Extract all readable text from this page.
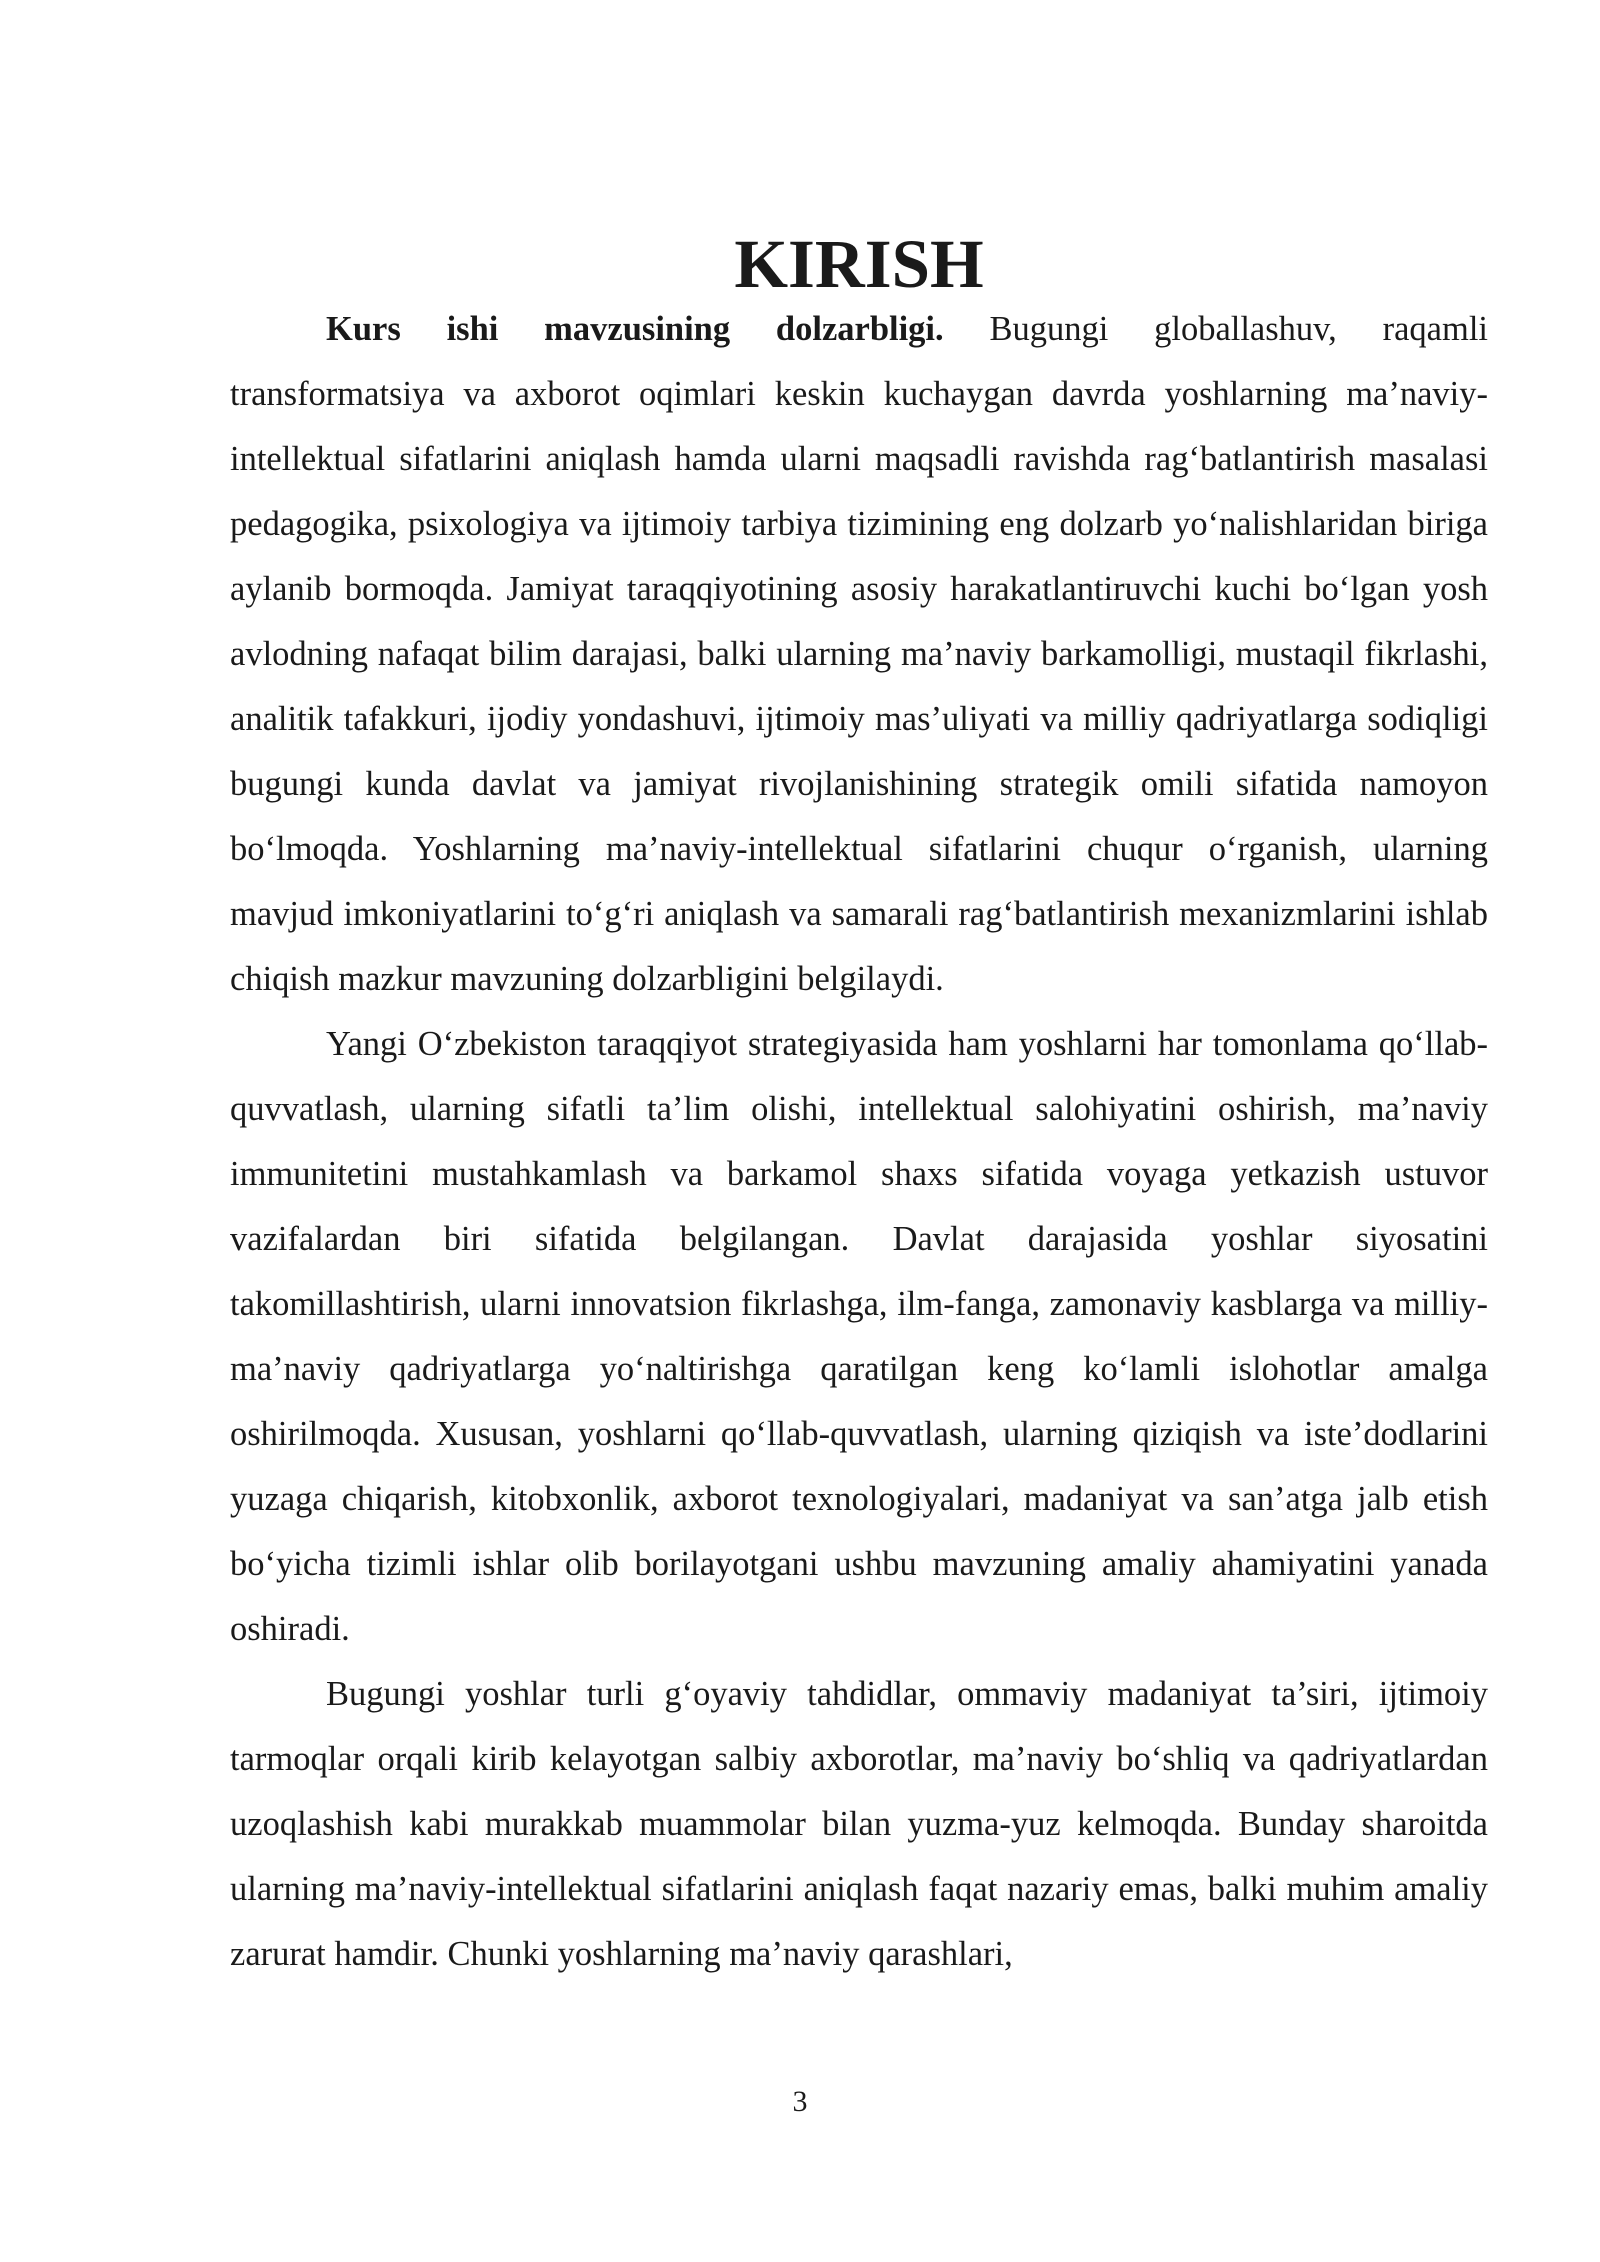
KIRISH

Kurs ishi mavzusining dolzarbligi. Bugungi globallashuv, raqamli transformatsiya va axborot oqimlari keskin kuchaygan davrda yoshlarning ma’naviy-intellektual sifatlarini aniqlash hamda ularni maqsadli ravishda rag‘batlantirish masalasi pedagogika, psixologiya va ijtimoiy tarbiya tizimining eng dolzarb yo‘nalishlaridan biriga aylanib bormoqda. Jamiyat taraqqiyotining asosiy harakatlantiruvchi kuchi bo‘lgan yosh avlodning nafaqat bilim darajasi, balki ularning ma’naviy barkamolligi, mustaqil fikrlashi, analitik tafakkuri, ijodiy yondashuvi, ijtimoiy mas’uliyati va milliy qadriyatlarga sodiqligi bugungi kunda davlat va jamiyat rivojlanishining strategik omili sifatida namoyon bo‘lmoqda. Yoshlarning ma’naviy-intellektual sifatlarini chuqur o‘rganish, ularning mavjud imkoniyatlarini to‘g‘ri aniqlash va samarali rag‘batlantirish mexanizmlarini ishlab chiqish mazkur mavzuning dolzarbligini belgilaydi.

Yangi O‘zbekiston taraqqiyot strategiyasida ham yoshlarni har tomonlama qo‘llab-quvvatlash, ularning sifatli ta’lim olishi, intellektual salohiyatini oshirish, ma’naviy immunitetini mustahkamlash va barkamol shaxs sifatida voyaga yetkazish ustuvor vazifalardan biri sifatida belgilangan. Davlat darajasida yoshlar siyosatini takomillashtirish, ularni innovatsion fikrlashga, ilm-fanga, zamonaviy kasblarga va milliy-ma’naviy qadriyatlarga yo‘naltirishga qaratilgan keng ko‘lamli islohotlar amalga oshirilmoqda. Xususan, yoshlarni qo‘llab-quvvatlash, ularning qiziqish va iste’dodlarini yuzaga chiqarish, kitobxonlik, axborot texnologiyalari, madaniyat va san’atga jalb etish bo‘yicha tizimli ishlar olib borilayotgani ushbu mavzuning amaliy ahamiyatini yanada oshiradi.

Bugungi yoshlar turli g‘oyaviy tahdidlar, ommaviy madaniyat ta’siri, ijtimoiy tarmoqlar orqali kirib kelayotgan salbiy axborotlar, ma’naviy bo‘shliq va qadriyatlardan uzoqlashish kabi murakkab muammolar bilan yuzma-yuz kelmoqda. Bunday sharoitda ularning ma’naviy-intellektual sifatlarini aniqlash faqat nazariy emas, balki muhim amaliy zarurat hamdir. Chunki yoshlarning ma’naviy qarashlari,

3
